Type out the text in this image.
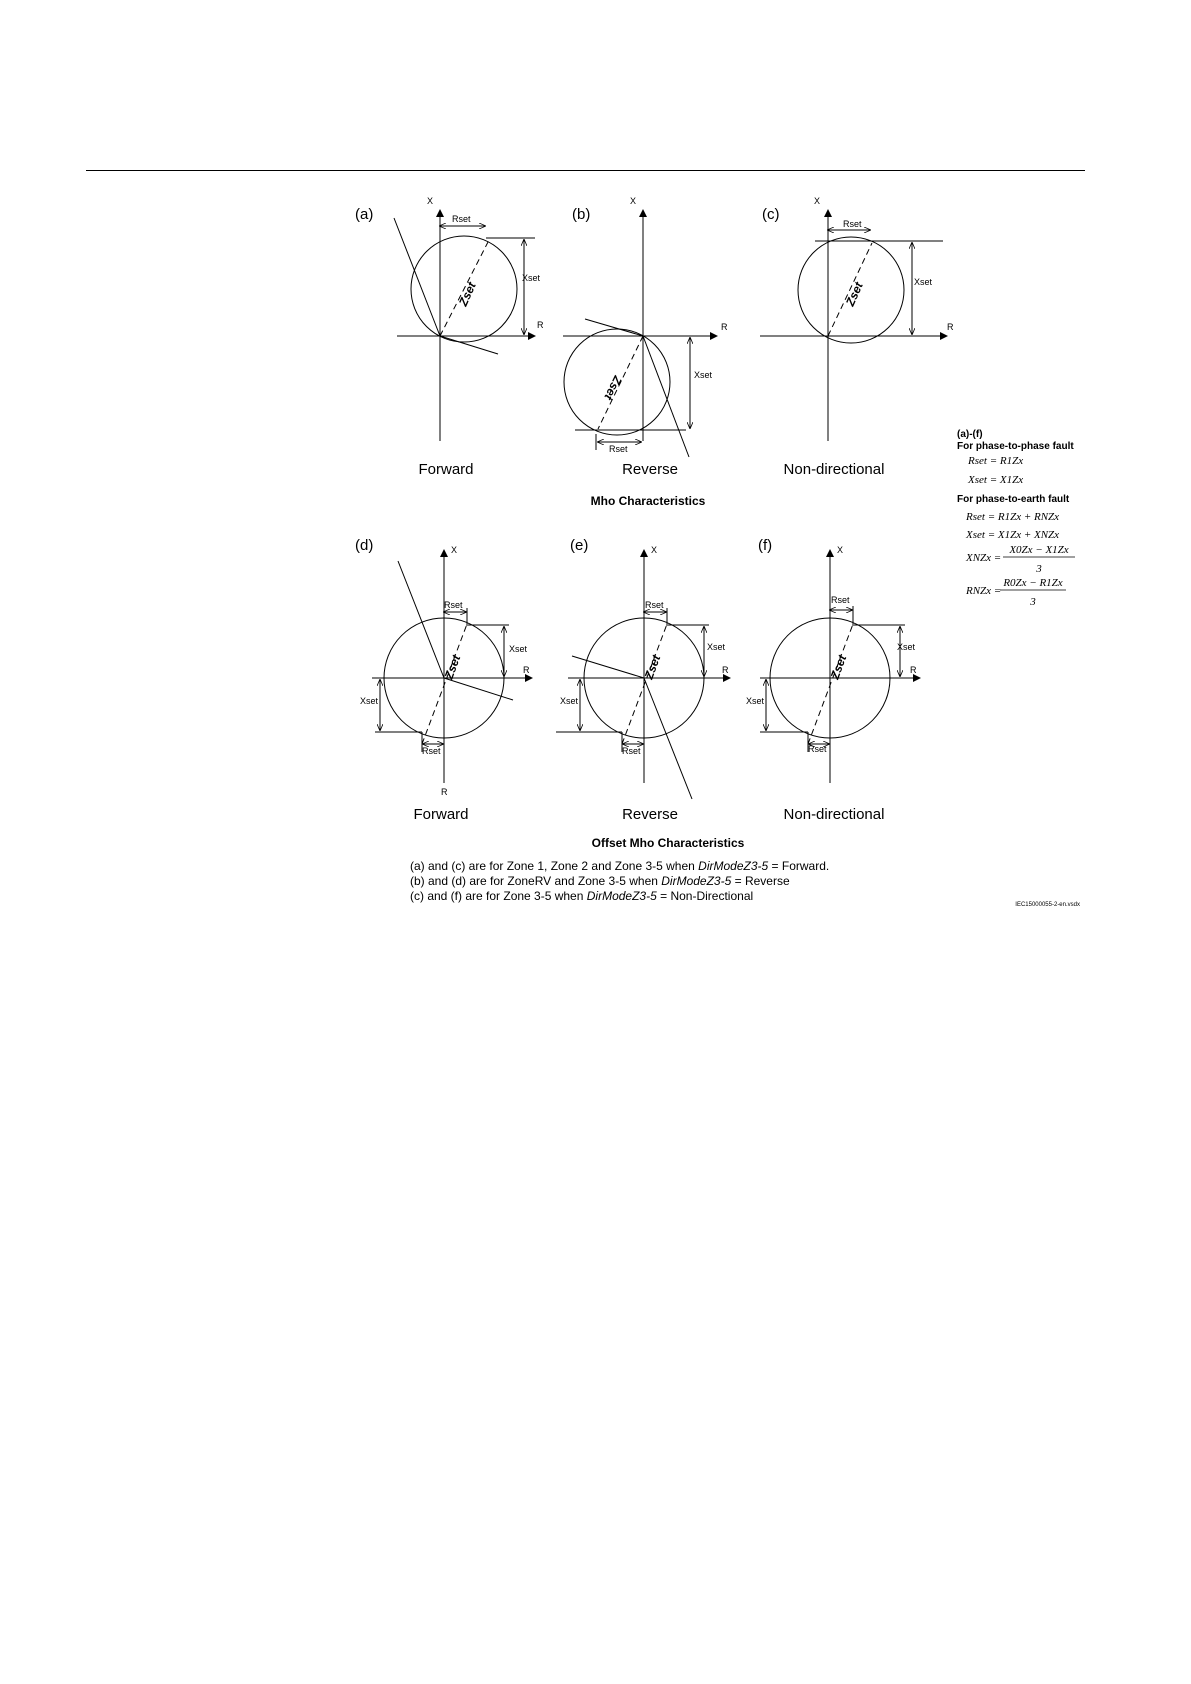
(a)
X
R
Rset
Xset
Zset
Forward
(b)
X
R
Xset
Rset
Zset
Reverse
(c)
X
R
Rset
Xset
Zset
Non-directional
Mho Characteristics
(d)	X
R
R
Rset
Xset
Xset
Rset
Zset
Forward
(e)	X
R
Rset
Xset
Xset
Rset
Zset
Reverse
(f)	X
R
Rset
Xset
Xset
Rset
Zset
Non-directional
Offset Mho Characteristics
(a)-(f)
For phase-to-phase fault
Rset = R1Zx
Xset = X1Zx
For phase-to-earth fault
Rset = R1Zx + RNZx
Xset = X1Zx + XNZx
XNZx =
X0Zx − X1Zx
3
RNZx =
R0Zx − R1Zx
3
(a) and (c) are for Zone 1, Zone 2 and Zone 3-5 when DirModeZ3-5 = Forward.
(b) and (d) are for ZoneRV and Zone 3-5 when DirModeZ3-5 = Reverse
(c) and (f) are for Zone 3-5 when DirModeZ3-5 = Non-Directional
IEC15000055-2-en.vsdx
